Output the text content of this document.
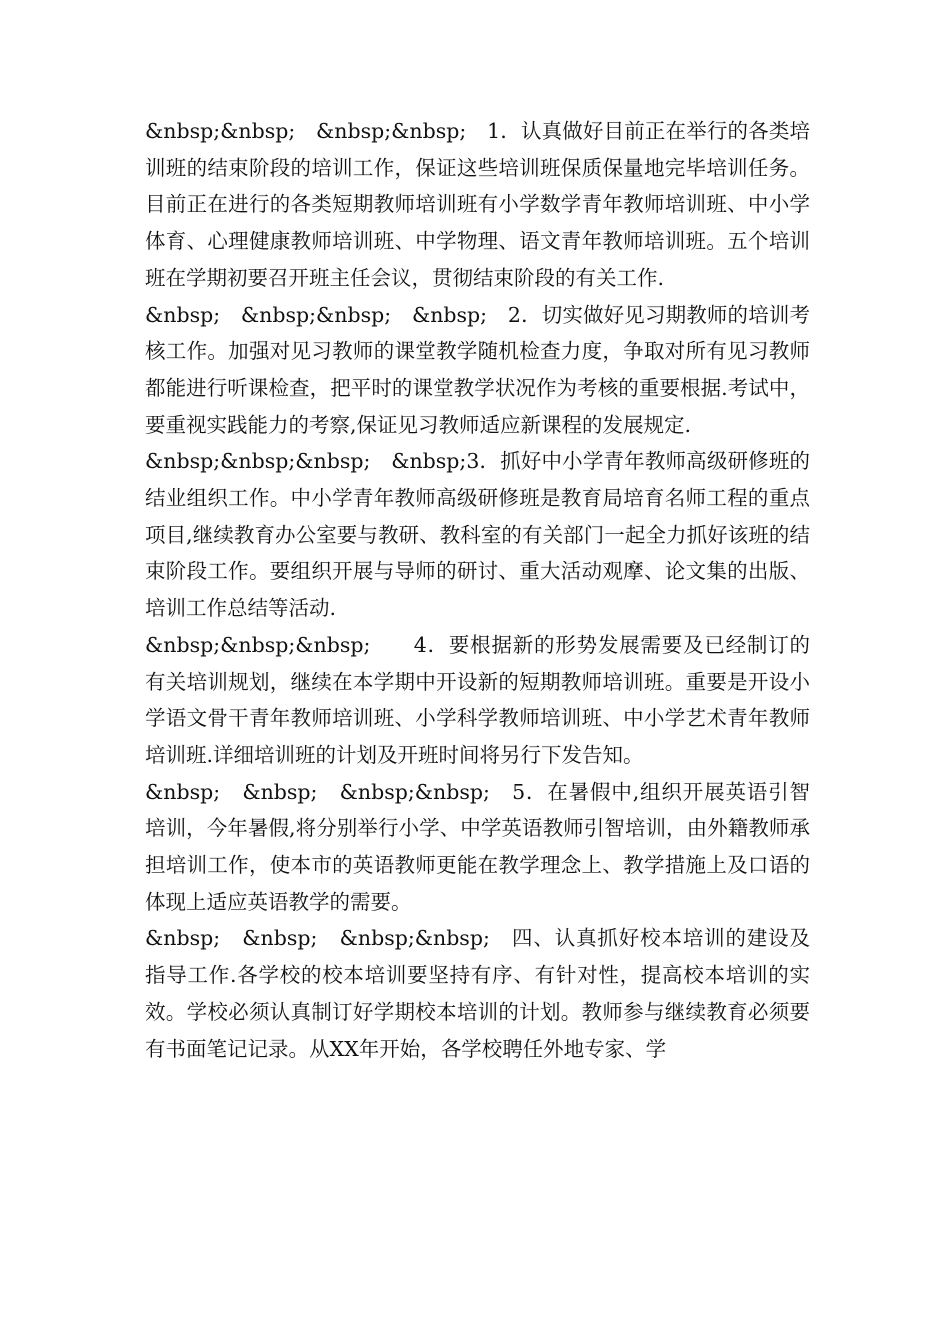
&nbsp;&nbsp;　&nbsp;&nbsp;　1．认真做好目前正在举行的各类培训班的结束阶段的培训工作，保证这些培训班保质保量地完毕培训任务。目前正在进行的各类短期教师培训班有小学数学青年教师培训班、中小学体育、心理健康教师培训班、中学物理、语文青年教师培训班。五个培训班在学期初要召开班主任会议，贯彻结束阶段的有关工作.

&nbsp;　&nbsp;&nbsp;　&nbsp;　2．切实做好见习期教师的培训考核工作。加强对见习教师的课堂教学随机检查力度，争取对所有见习教师都能进行听课检查，把平时的课堂教学状况作为考核的重要根据.考试中，要重视实践能力的考察,保证见习教师适应新课程的发展规定.

&nbsp;&nbsp;&nbsp;　&nbsp;3．抓好中小学青年教师高级研修班的结业组织工作。中小学青年教师高级研修班是教育局培育名师工程的重点项目,继续教育办公室要与教研、教科室的有关部门一起全力抓好该班的结束阶段工作。要组织开展与导师的研讨、重大活动观摩、论文集的出版、培训工作总结等活动.

&nbsp;&nbsp;&nbsp;　　4．要根据新的形势发展需要及已经制订的有关培训规划，继续在本学期中开设新的短期教师培训班。重要是开设小学语文骨干青年教师培训班、小学科学教师培训班、中小学艺术青年教师培训班.详细培训班的计划及开班时间将另行下发告知。

&nbsp;　&nbsp;　&nbsp;&nbsp;　5．在暑假中,组织开展英语引智培训，今年暑假,将分别举行小学、中学英语教师引智培训，由外籍教师承担培训工作，使本市的英语教师更能在教学理念上、教学措施上及口语的体现上适应英语教学的需要。

&nbsp;　&nbsp;　&nbsp;&nbsp;　四、认真抓好校本培训的建设及指导工作.各学校的校本培训要坚持有序、有针对性，提高校本培训的实效。学校必须认真制订好学期校本培训的计划。教师参与继续教育必须要有书面笔记记录。从XX年开始，各学校聘任外地专家、学
